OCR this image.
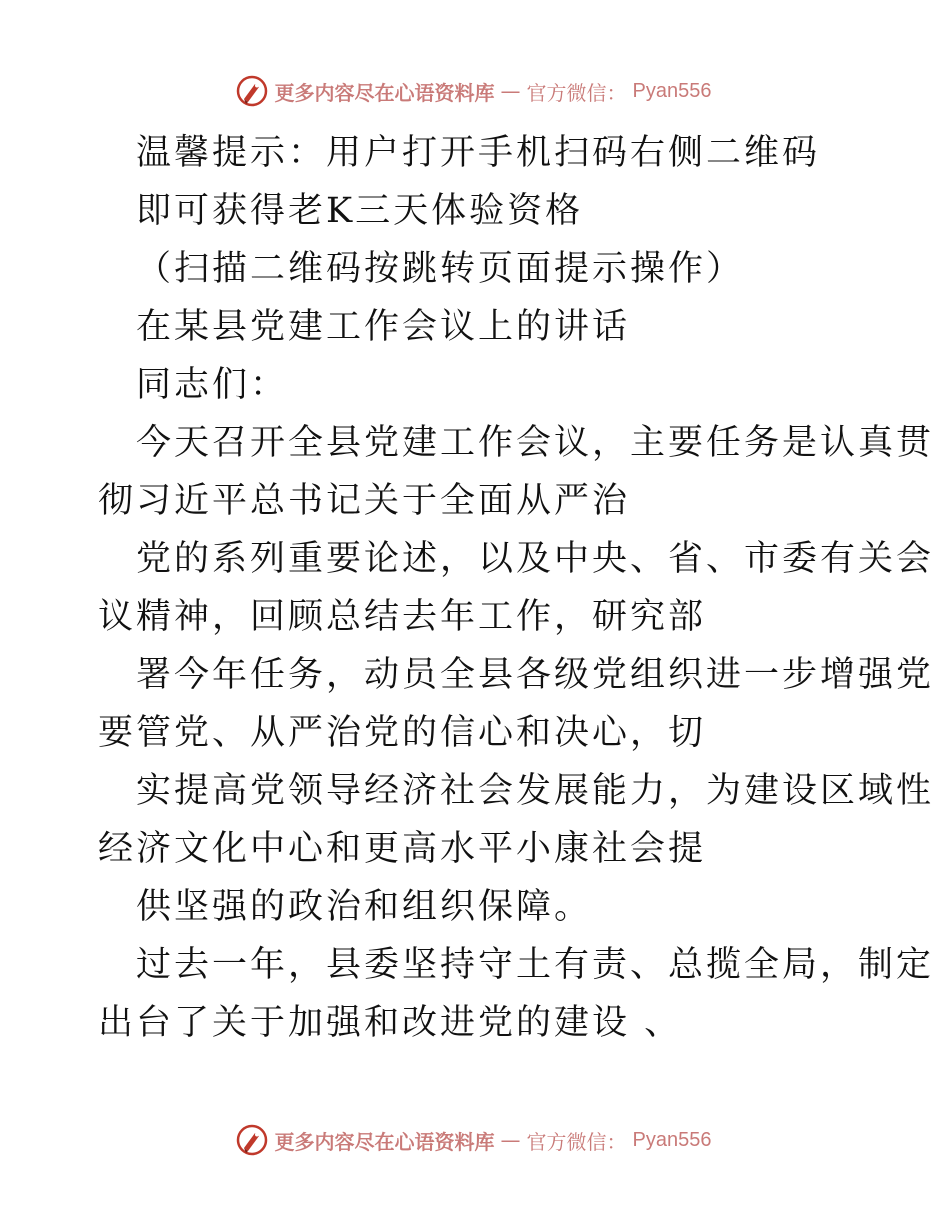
更多内容尽在心语资料库 — 官方微信： Pyan556
温馨提示：用户打开手机扫码右侧二维码
即可获得老K三天体验资格
（扫描二维码按跳转页面提示操作）
在某县党建工作会议上的讲话
同志们：
今天召开全县党建工作会议，主要任务是认真贯
彻习近平总书记关于全面从严治
党的系列重要论述，以及中央、省、市委有关会
议精神，回顾总结去年工作，研究部
署今年任务，动员全县各级党组织进一步增强党
要管党、从严治党的信心和决心，切
实提高党领导经济社会发展能力，为建设区域性
经济文化中心和更高水平小康社会提
供坚强的政治和组织保障。
过去一年，县委坚持守土有责、总揽全局，制定
出台了关于加强和改进党的建设 、
更多内容尽在心语资料库 — 官方微信： Pyan556
